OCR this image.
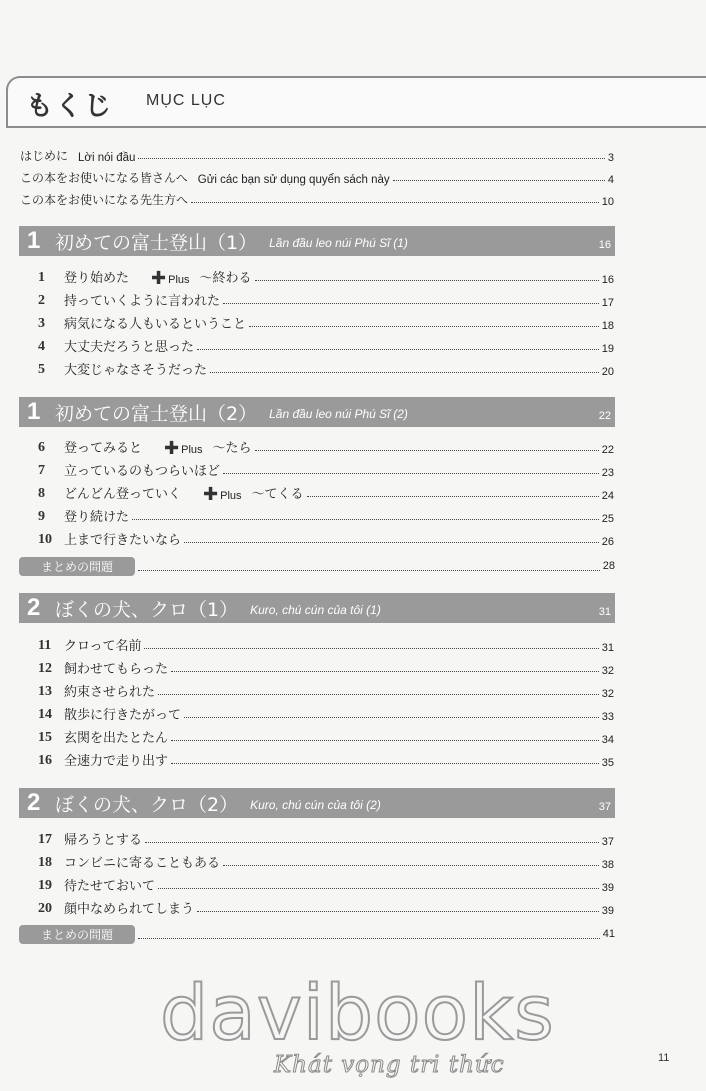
もくじ MỤC LỤC
はじめに Lời nói đầu	3
この本をお使いになる皆さんへ Gửi các bạn sử dụng quyển sách này	4
この本をお使いになる先生方へ	10
1 初めての富士登山（1） Lần đầu leo núi Phú Sĩ (1)	16
1	登り始めた ✚ Plus ～終わる	16
2	持っていくように言われた	17
3	病気になる人もいるということ	18
4	大丈夫だろうと思った	19
5	大変じゃなさそうだった	20
1 初めての富士登山（2） Lần đầu leo núi Phú Sĩ (2)	22
6	登ってみると ✚ Plus ～たら	22
7	立っているのもつらいほど	23
8	どんどん登っていく ✚ Plus ～てくる	24
9	登り続けた	25
10 上まで行きたいなら	26
まとめの問題	28
2 ぼくの犬、クロ（1） Kuro, chú cún của tôi (1)	31
11 クロって名前	31
12 飼わせてもらった	32
13 約束させられた	32
14 散歩に行きたがって	33
15 玄関を出たとたん	34
16 全速力で走り出す	35
2 ぼくの犬、クロ（2） Kuro, chú cún của tôi (2)	37
17 帰ろうとする	37
18 コンビニに寄ることもある	38
19 待たせておいて	39
20 顔中なめられてしまう	39
まとめの問題	41
davibooks
Khát vọng tri thức	11
